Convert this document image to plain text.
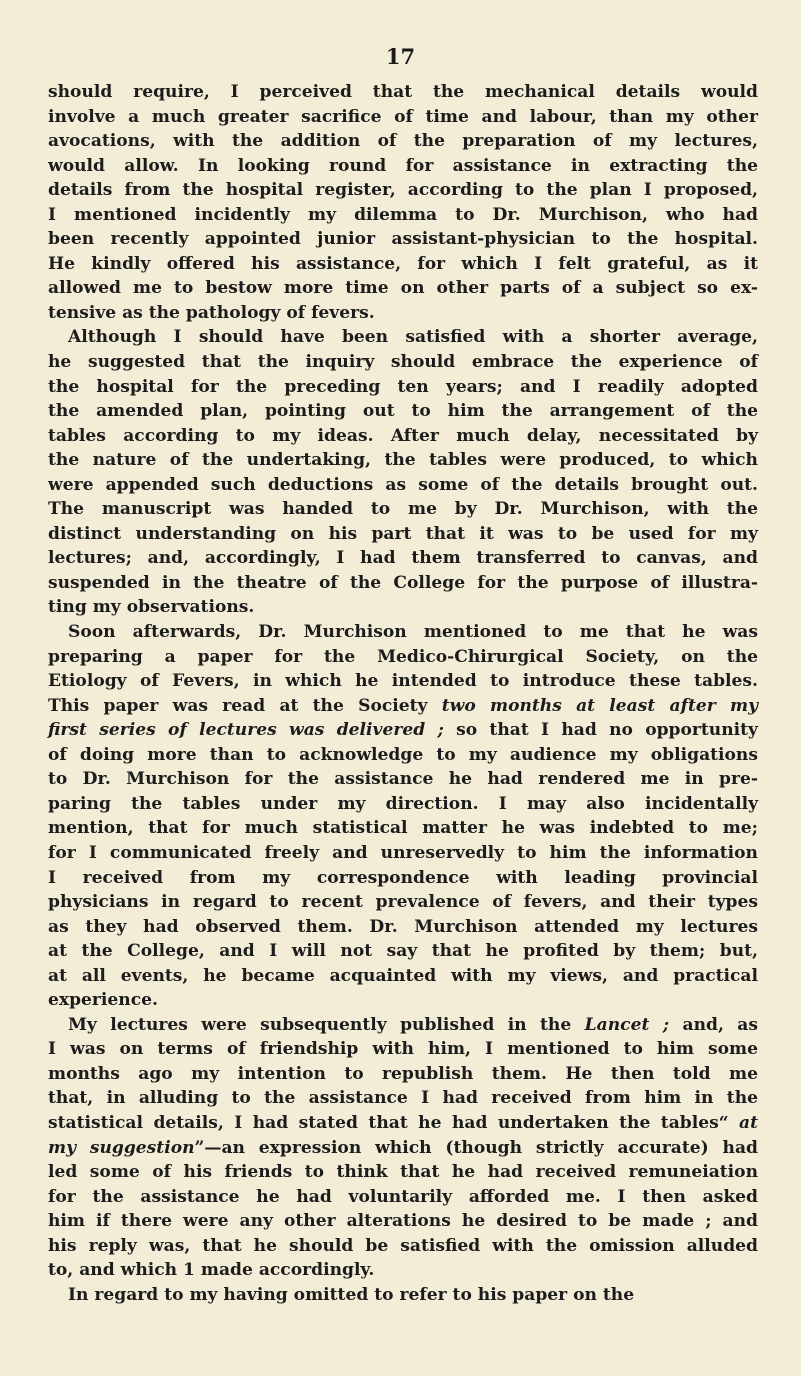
17

should require, I perceived that the mechanical details would
involve a much greater sacrifice of time and labour, than my other
avocations, with the addition of the preparation of my lectures,
would allow. In looking round for assistance in extracting the
details from the hospital register, according to the plan I proposed,
I mentioned incidently my dilemma to Dr. Murchison, who had
been recently appointed junior assistant-physician to the hospital.
He kindly offered his assistance, for which I felt grateful, as it
allowed me to bestow more time on other parts of a subject so ex-
tensive as the pathology of fevers.

Although I should have been satisfied with a shorter average,
he suggested that the inquiry should embrace the experience of
the hospital for the preceding ten years; and I readily adopted
the amended plan, pointing out to him the arrangement of the
tables according to my ideas. After much delay, necessitated by
the nature of the undertaking, the tables were produced, to which
were appended such deductions as some of the details brought out.
The manuscript was handed to me by Dr. Murchison, with the
distinct understanding on his part that it was to be used for my
lectures; and, accordingly, I had them transferred to canvas, and
suspended in the theatre of the College for the purpose of illustra-
ting my observations.

Soon afterwards, Dr. Murchison mentioned to me that he was
preparing a paper for the Medico-Chirurgical Society, on the
Etiology of Fevers, in which he intended to introduce these tables.
This paper was read at the Society two months at least after my
first series of lectures was delivered ; so that I had no opportunity
of doing more than to acknowledge to my audience my obligations
to Dr. Murchison for the assistance he had rendered me in pre-
paring the tables under my direction. I may also incidentally
mention, that for much statistical matter he was indebted to me;
for I communicated freely and unreservedly to him the information
I received from my correspondence with leading provincial
physicians in regard to recent prevalence of fevers, and their types
as they had observed them. Dr. Murchison attended my lectures
at the College, and I will not say that he profited by them; but,
at all events, he became acquainted with my views, and practical
experience.

My lectures were subsequently published in the Lancet ; and, as
I was on terms of friendship with him, I mentioned to him some
months ago my intention to republish them. He then told me
that, in alluding to the assistance I had received from him in the
statistical details, I had stated that he had undertaken the tables“ at
my suggestion”—an expression which (though strictly accurate) had
led some of his friends to think that he had received remuneiation
for the assistance he had voluntarily afforded me. I then asked
him if there were any other alterations he desired to be made ; and
his reply was, that he should be satisfied with the omission alluded
to, and which 1 made accordingly.

In regard to my having omitted to refer to his paper on the
